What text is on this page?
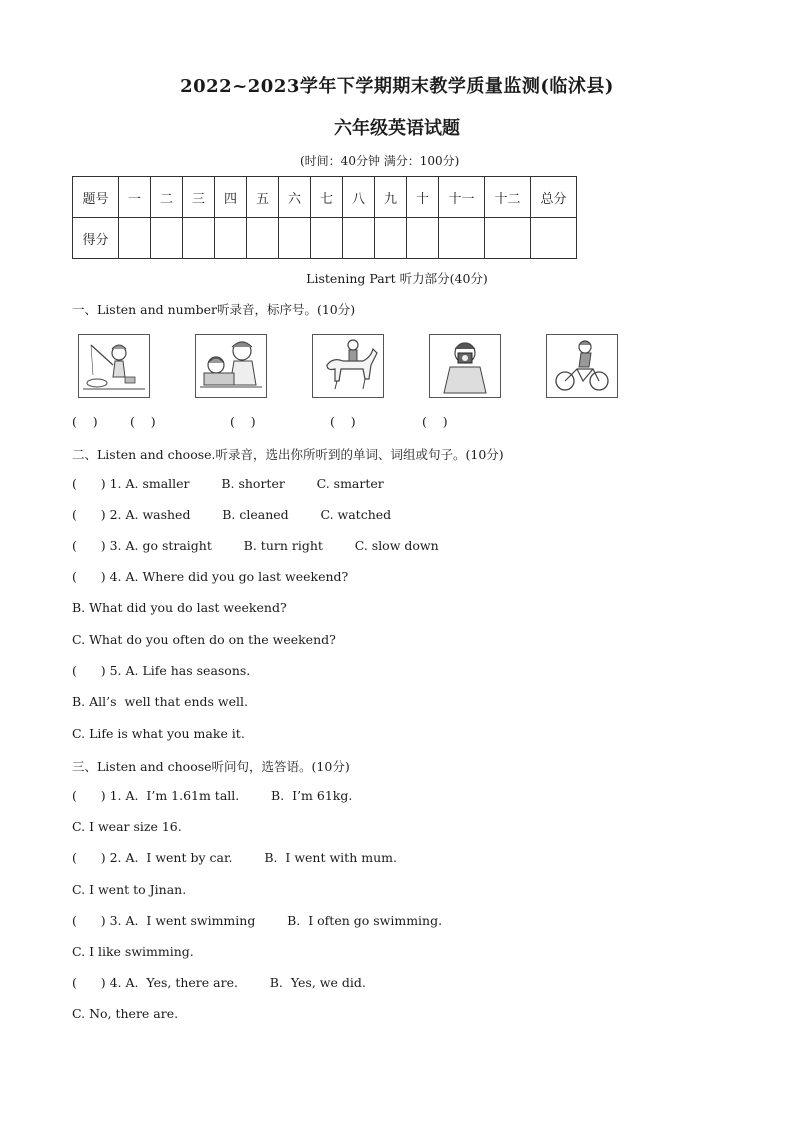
2022~2023学年下学期期末教学质量监测(临沭县)
六年级英语试题
(时间：40分钟 满分：100分)
题号	一	二	三	四	五	六	七	八	九	十	十一	十二	总分
得分													
Listening Part 听力部分(40分)
一、Listen and number听录音，标序号。(10分)
(    )	(    )	(    )	(    )	(    )
二、Listen and choose.听录音，选出你所听到的单词、词组或句子。(10分)
(      ) 1. A. smaller        B. shorter        C. smarter
(      ) 2. A. washed        B. cleaned        C. watched
(      ) 3. A. go straight        B. turn right        C. slow down
(      ) 4. A. Where did you go last weekend?
B. What did you do last weekend?
C. What do you often do on the weekend?
(      ) 5. A. Life has seasons.
B. All’s  well that ends well.
C. Life is what you make it.
三、Listen and choose听问句，选答语。(10分)
(      ) 1. A.  I’m 1.61m tall.        B.  I’m 61kg.
C. I wear size 16.
(      ) 2. A.  I went by car.        B.  I went with mum.
C. I went to Jinan.
(      ) 3. A.  I went swimming        B.  I often go swimming.
C. I like swimming.
(      ) 4. A.  Yes, there are.        B.  Yes, we did.
C. No, there are.
